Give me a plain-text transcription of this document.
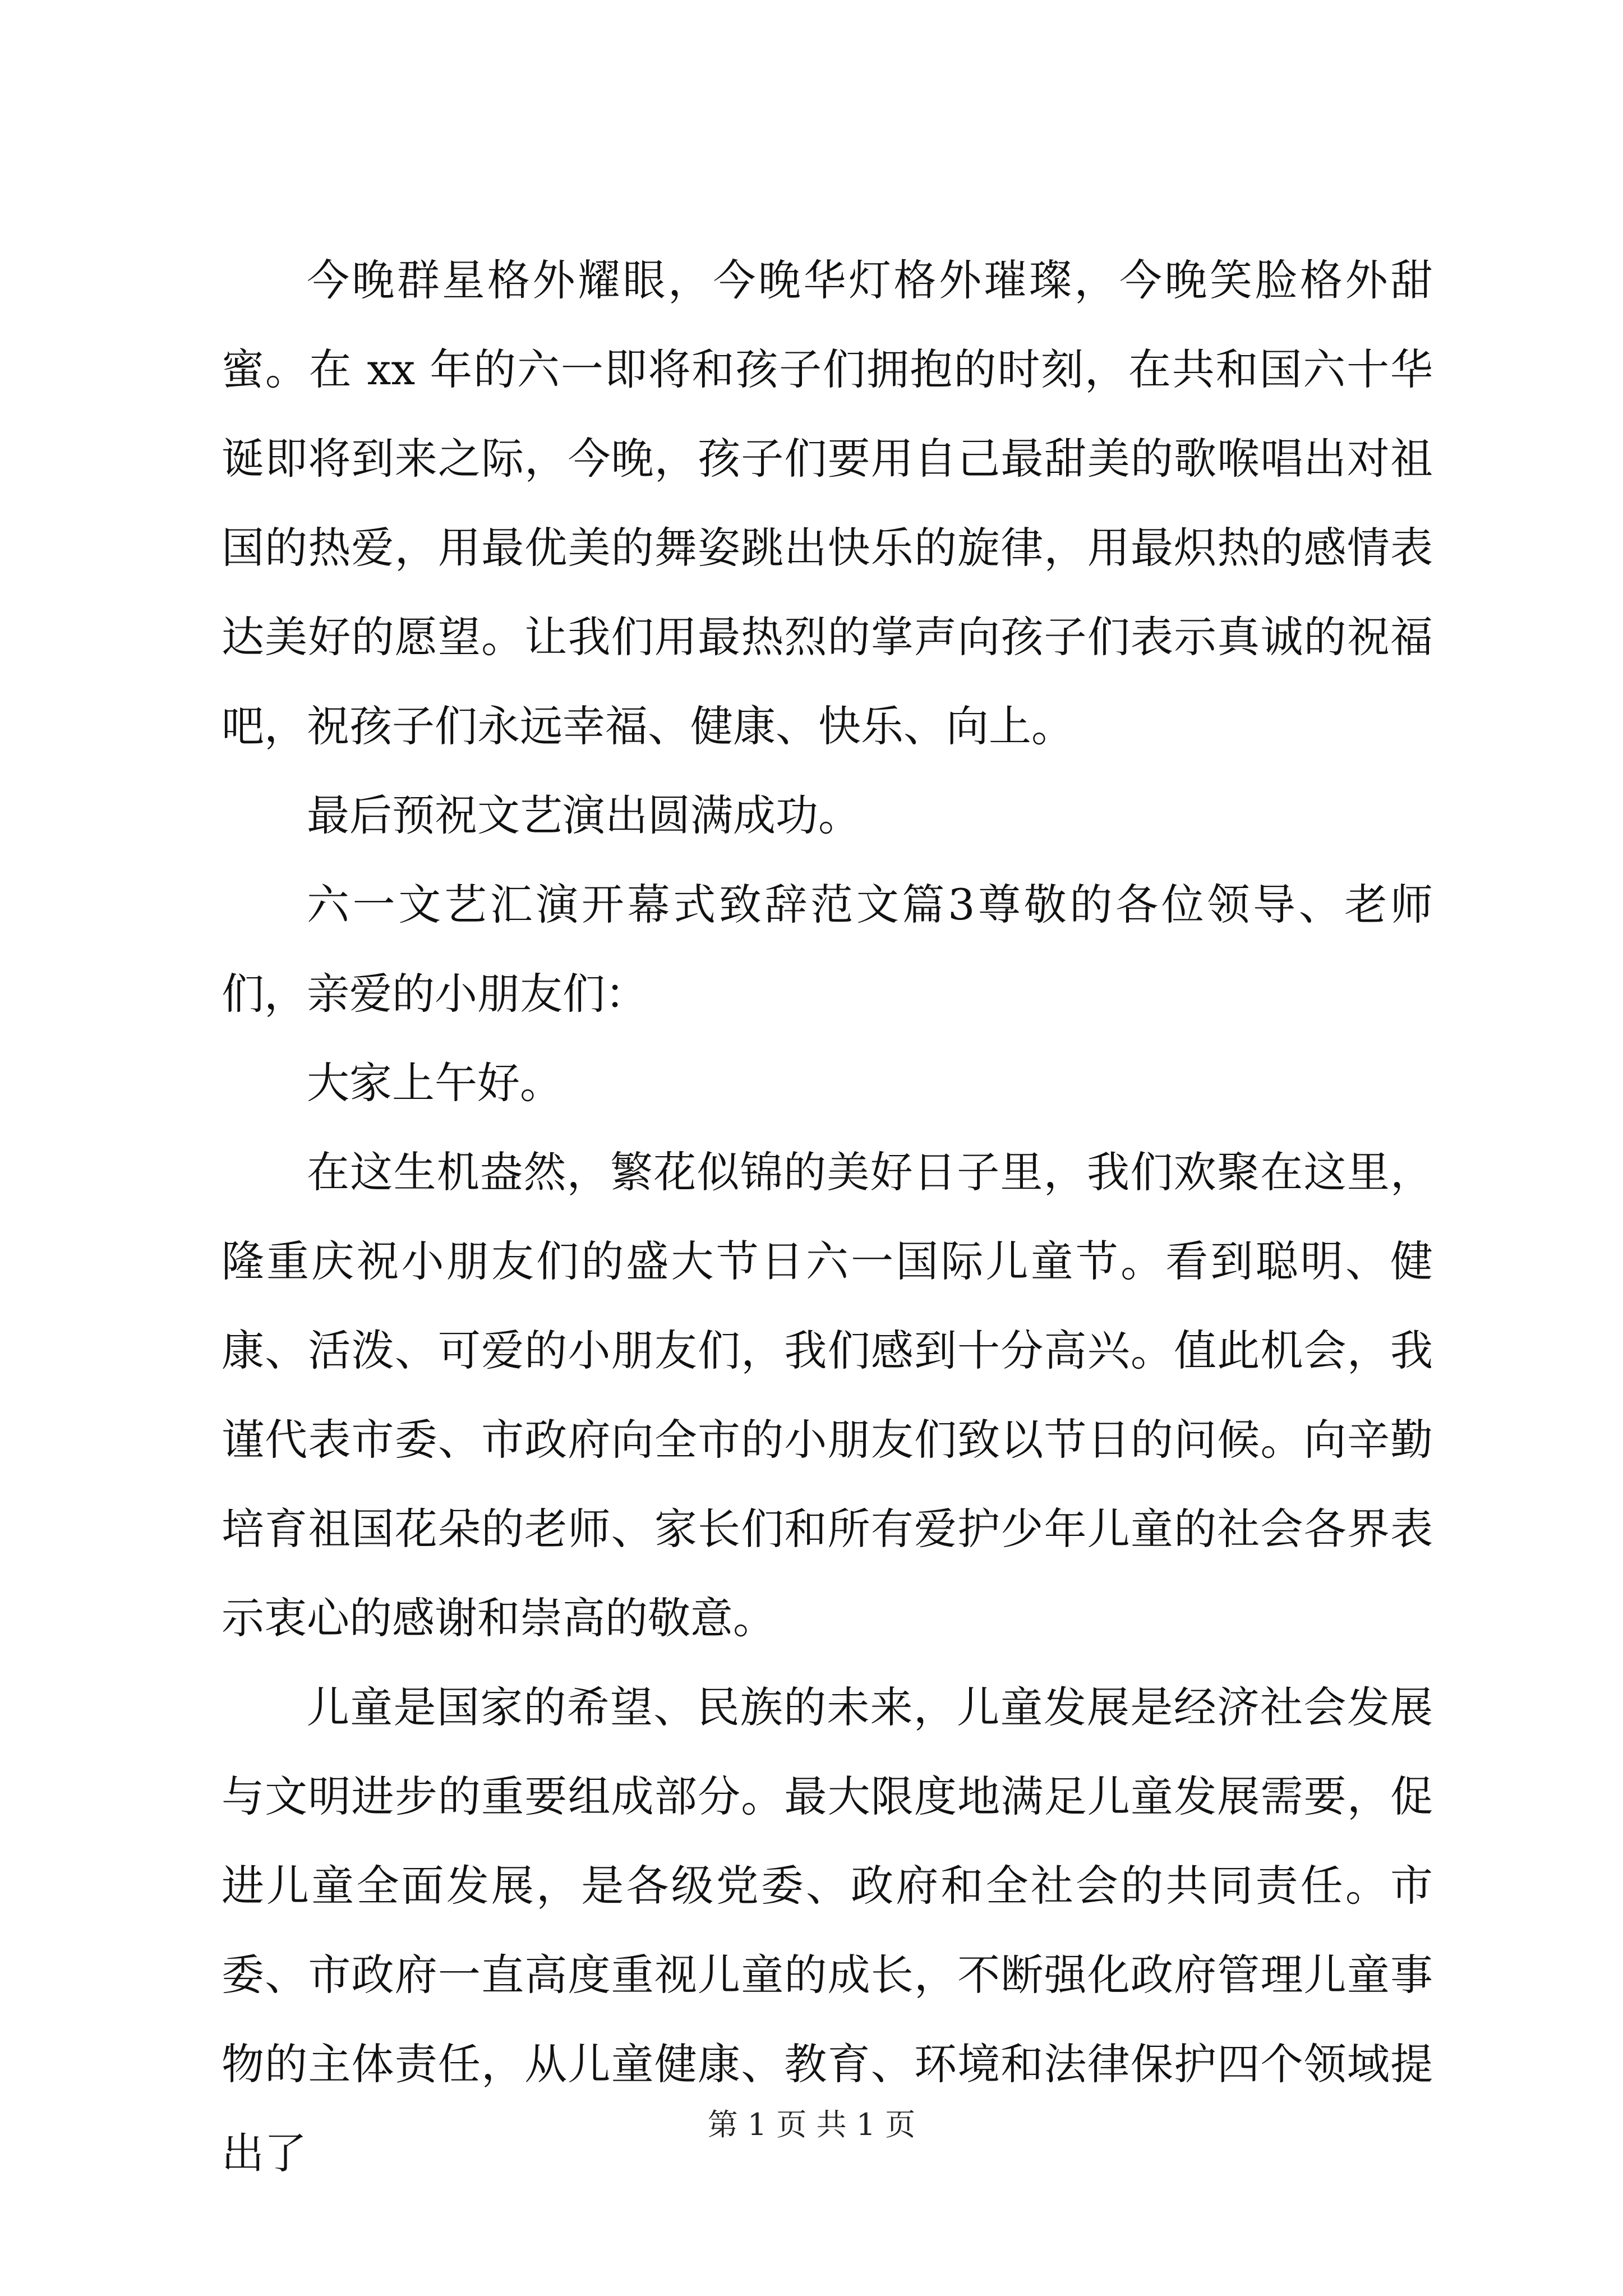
今晚群星格外耀眼，今晚华灯格外璀璨，今晚笑脸格外甜蜜。在 xx 年的六一即将和孩子们拥抱的时刻，在共和国六十华诞即将到来之际，今晚，孩子们要用自己最甜美的歌喉唱出对祖国的热爱，用最优美的舞姿跳出快乐的旋律，用最炽热的感情表达美好的愿望。让我们用最热烈的掌声向孩子们表示真诚的祝福吧，祝孩子们永远幸福、健康、快乐、向上。

最后预祝文艺演出圆满成功。

六一文艺汇演开幕式致辞范文篇3尊敬的各位领导、老师们，亲爱的小朋友们：

大家上午好。

在这生机盎然，繁花似锦的美好日子里，我们欢聚在这里，隆重庆祝小朋友们的盛大节日六一国际儿童节。看到聪明、健康、活泼、可爱的小朋友们，我们感到十分高兴。值此机会，我谨代表市委、市政府向全市的小朋友们致以节日的问候。向辛勤培育祖国花朵的老师、家长们和所有爱护少年儿童的社会各界表示衷心的感谢和崇高的敬意。

儿童是国家的希望、民族的未来，儿童发展是经济社会发展与文明进步的重要组成部分。最大限度地满足儿童发展需要，促进儿童全面发展，是各级党委、政府和全社会的共同责任。市委、市政府一直高度重视儿童的成长，不断强化政府管理儿童事物的主体责任，从儿童健康、教育、环境和法律保护四个领域提出了

第 1 页 共 1 页
